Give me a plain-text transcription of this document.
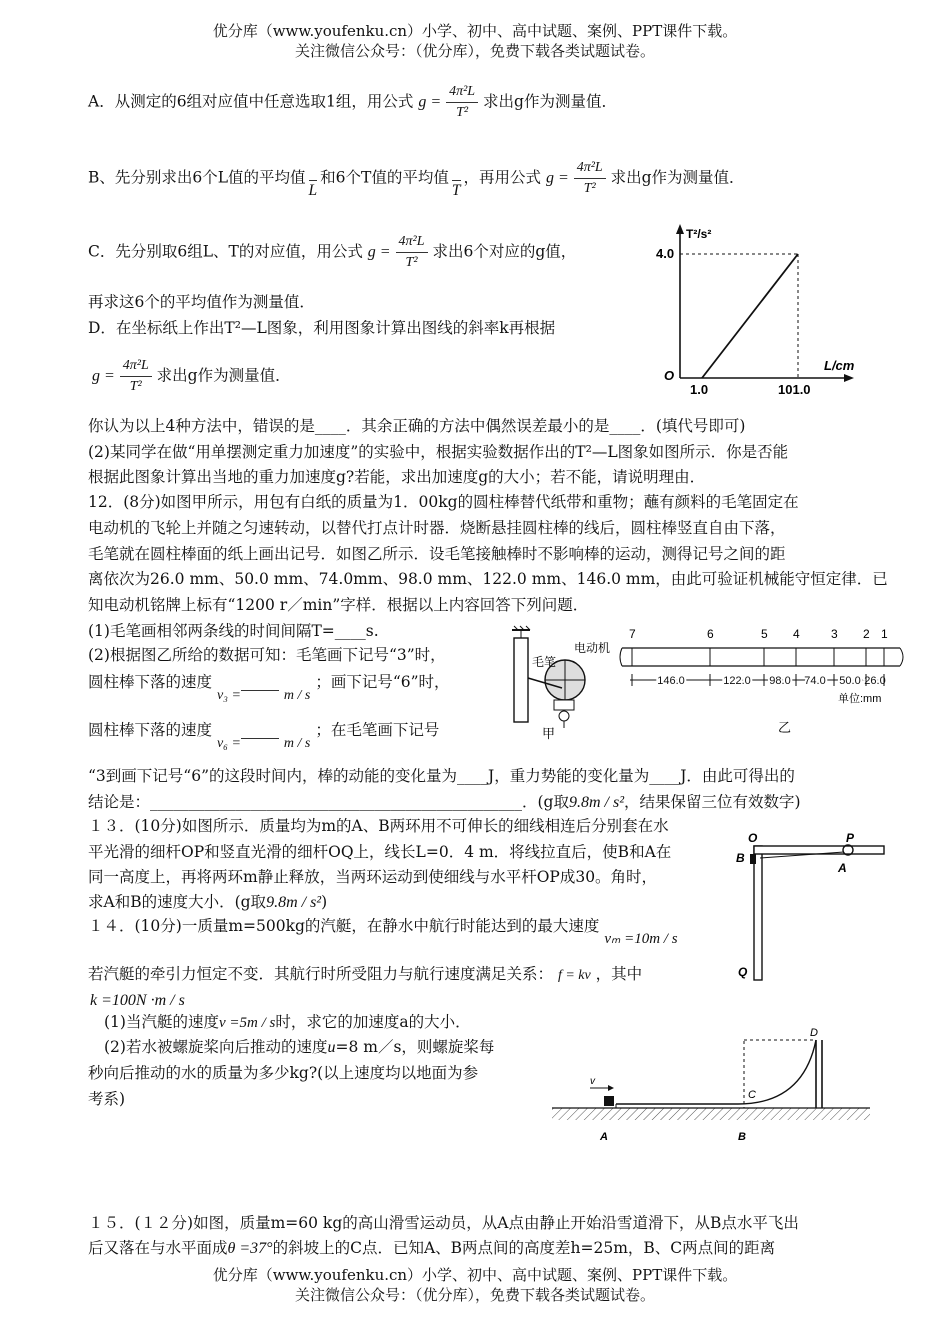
优分库（www.youfenku.cn）小学、初中、高中试题、案例、PPT课件下载。
关注微信公众号：（优分库），免费下载各类试题试卷。
A．从测定的6组对应值中任意选取1组，用公式 $g = \frac{\text{4π²L}}{\text{T²}}$ 求出g作为测量值．
B、先分别求出6个L值的平均值L和6个T值的平均值T，再用公式 $g = \frac{\text{4π²L}}{\text{T²}}$ 求出g作为测量值．
C．先分别取6组L、T的对应值，用公式 $g = \frac{\text{4π²L}}{\text{T²}}$ 求出6个对应的g值，
再求这6个的平均值作为测量值．
D．在坐标纸上作出T²—L图象，利用图象计算出图线的斜率k再根据
$g = \frac{\text{4π²L}}{\text{T²}}$ 求出g作为测量值．
T²/s²
L/cm
O
4.0
1.0	101.0
你认为以上4种方法中，错误的是____．其余正确的方法中偶然误差最小的是____．(填代号即可)
(2)某同学在做“用单摆测定重力加速度”的实验中，根据实验数据作出的T²—L图象如图所示．你是否能
根据此图象计算出当地的重力加速度g?若能，求出加速度g的大小；若不能，请说明理由．
12．(8分)如图甲所示，用包有白纸的质量为1．00kg的圆柱棒替代纸带和重物；蘸有颜料的毛笔固定在
电动机的飞轮上并随之匀速转动，以替代打点计时器．烧断悬挂圆柱棒的线后，圆柱棒竖直自由下落，
毛笔就在圆柱棒面的纸上画出记号．如图乙所示．设毛笔接触棒时不影响棒的运动，测得记号之间的距
离依次为26.0 mm、50.0 mm、74.0mm、98.0 mm、122.0 mm、146.0 mm，由此可验证机械能守恒定律．已
知电动机铭牌上标有“1200 r／min”字样．根据以上内容回答下列问题．
(1)毛笔画相邻两条线的时间间隔T=____s.
(2)根据图乙所给的数据可知：毛笔画下记号“3”时，
圆柱棒下落的速度 v₃ =	m / s ；画下记号“6”时，
圆柱棒下落的速度 v₆ =	m / s ；在毛笔画下记号
毛笔
电动机
甲
7	6	5 4	3 2 1
146.0	122.0 98.0 74.0 50.0 26.0
单位:mm
乙
“3到画下记号“6”的这段时间内，棒的动能的变化量为____J，重力势能的变化量为____J．由此可得出的
结论是：________________________________________________．(g取9.8m / s²，结果保留三位有效数字)
１３．(10分)如图所示．质量均为m的A、B两环用不可伸长的细线相连后分别套在水
平光滑的细杆OP和竖直光滑的细杆OQ上，线长L=0．4 m．将线拉直后，使B和A在
同一高度上，再将两环m静止释放，当两环运动到使细线与水平杆OP成30。角时，
求A和B的速度大小．(g取9.8m / s²)
O	P
B
A
Q
１４．(10分)一质量m=500kg的汽艇，在静水中航行时能达到的最大速度 vₘ =10m / s
若汽艇的牵引力恒定不变．其航行时所受阻力与航行速度满足关系： f = kv ，其中
k =100N ·m / s
(1)当汽艇的速度v =5m / s时，求它的加速度a的大小．
(2)若水被螺旋桨向后推动的速度u=8 m／s，则螺旋桨每
秒向后推动的水的质量为多少kg?(以上速度均以地面为参
考系)
v
A	B
C
D
１５．(１２分)如图，质量m=60 kg的高山滑雪运动员，从A点由静止开始沿雪道滑下，从B点水平飞出
后又落在与水平面成θ =37°的斜坡上的C点．已知A、B两点间的高度差h=25m，B、C两点间的距离
优分库（www.youfenku.cn）小学、初中、高中试题、案例、PPT课件下载。
关注微信公众号：（优分库），免费下载各类试题试卷。
